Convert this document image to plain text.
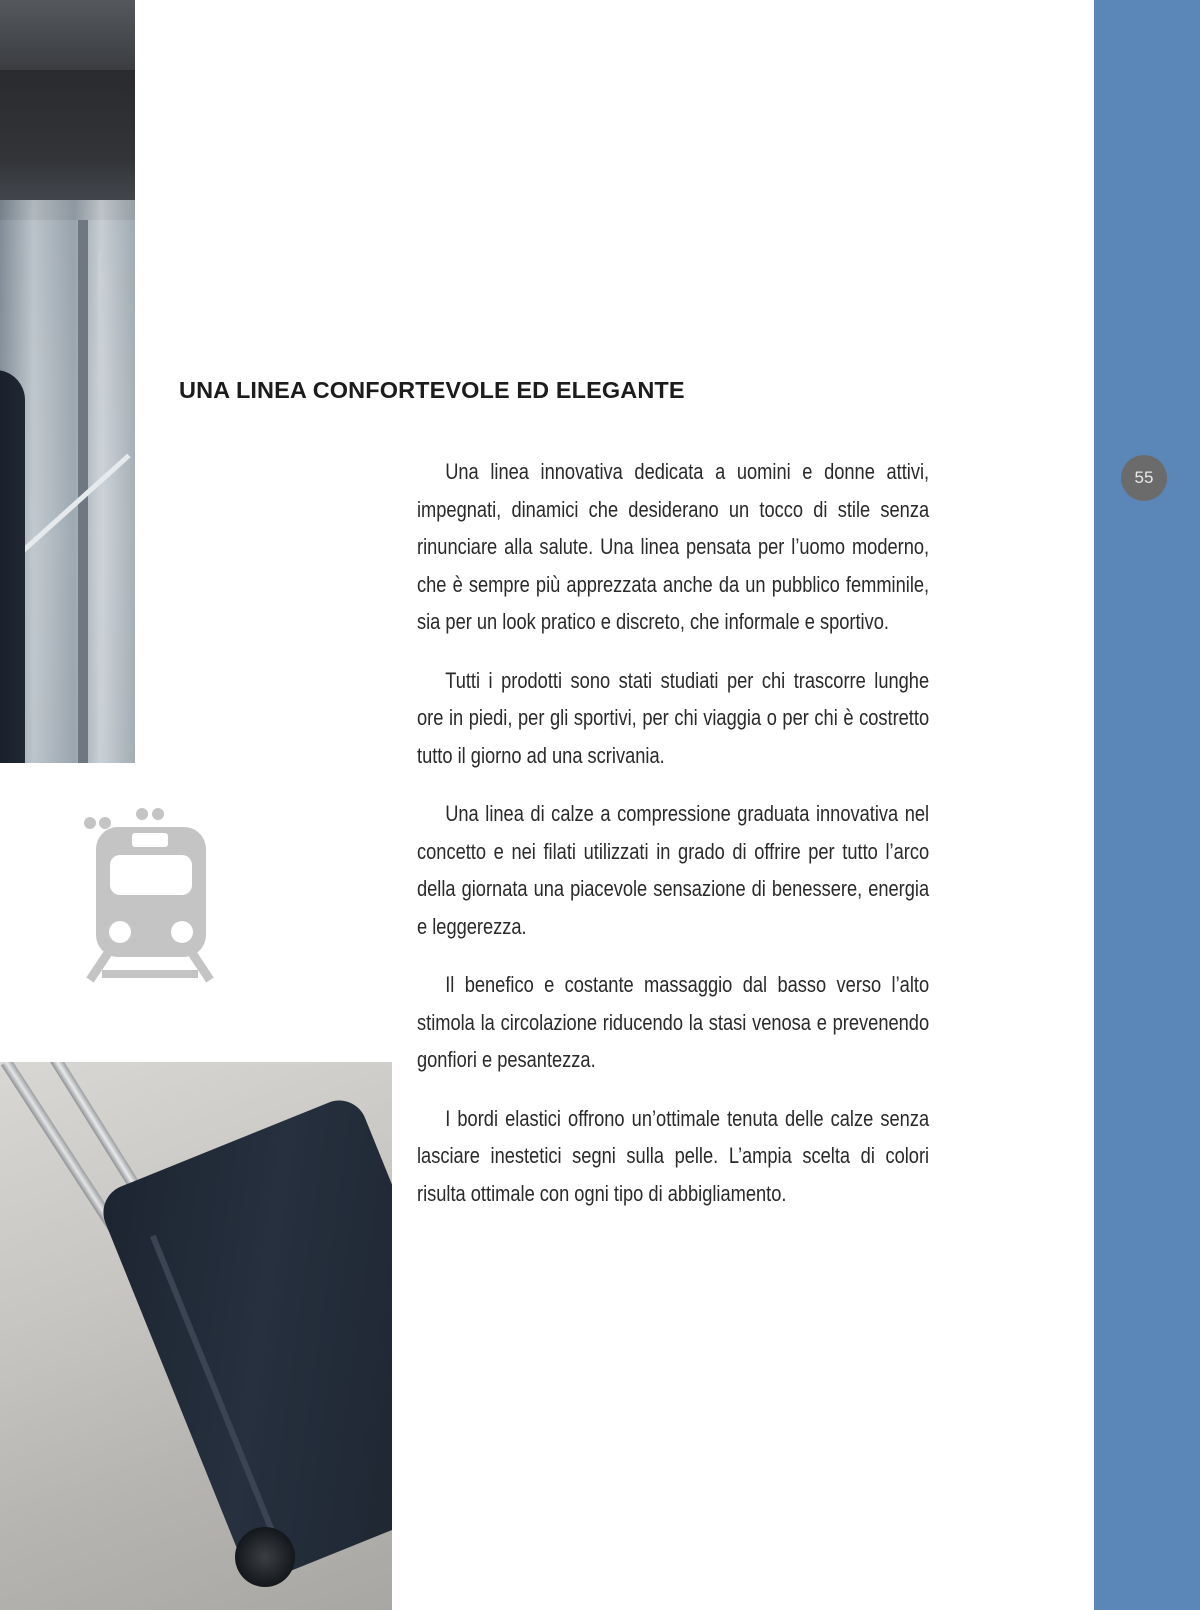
UNA LINEA CONFORTEVOLE ED ELEGANTE

Una linea innovativa dedicata a uomini e donne attivi, impegnati, dinamici che desiderano un tocco di stile senza rinunciare alla salute. Una linea pensata per l’uomo moderno, che è sempre più apprezzata anche da un pubblico femminile, sia per un look pratico e discreto, che informale e sportivo.

Tutti i prodotti sono stati studiati per chi trascorre lunghe ore in piedi, per gli sportivi, per chi viaggia o per chi è costretto tutto il giorno ad una scrivania.

Una linea di calze a compressione graduata innovativa nel concetto e nei filati utilizzati in grado di offrire per tutto l’arco della giornata una piacevole sensazione di benessere, energia e leggerezza.

Il benefico e costante massaggio dal basso verso l’alto stimola la circolazione riducendo la stasi venosa e prevenendo gonfiori e pesantezza.

I bordi elastici offrono un’ottimale tenuta delle calze senza lasciare inestetici segni sulla pelle. L’ampia scelta di colori risulta ottimale con ogni tipo di abbigliamento.

55
